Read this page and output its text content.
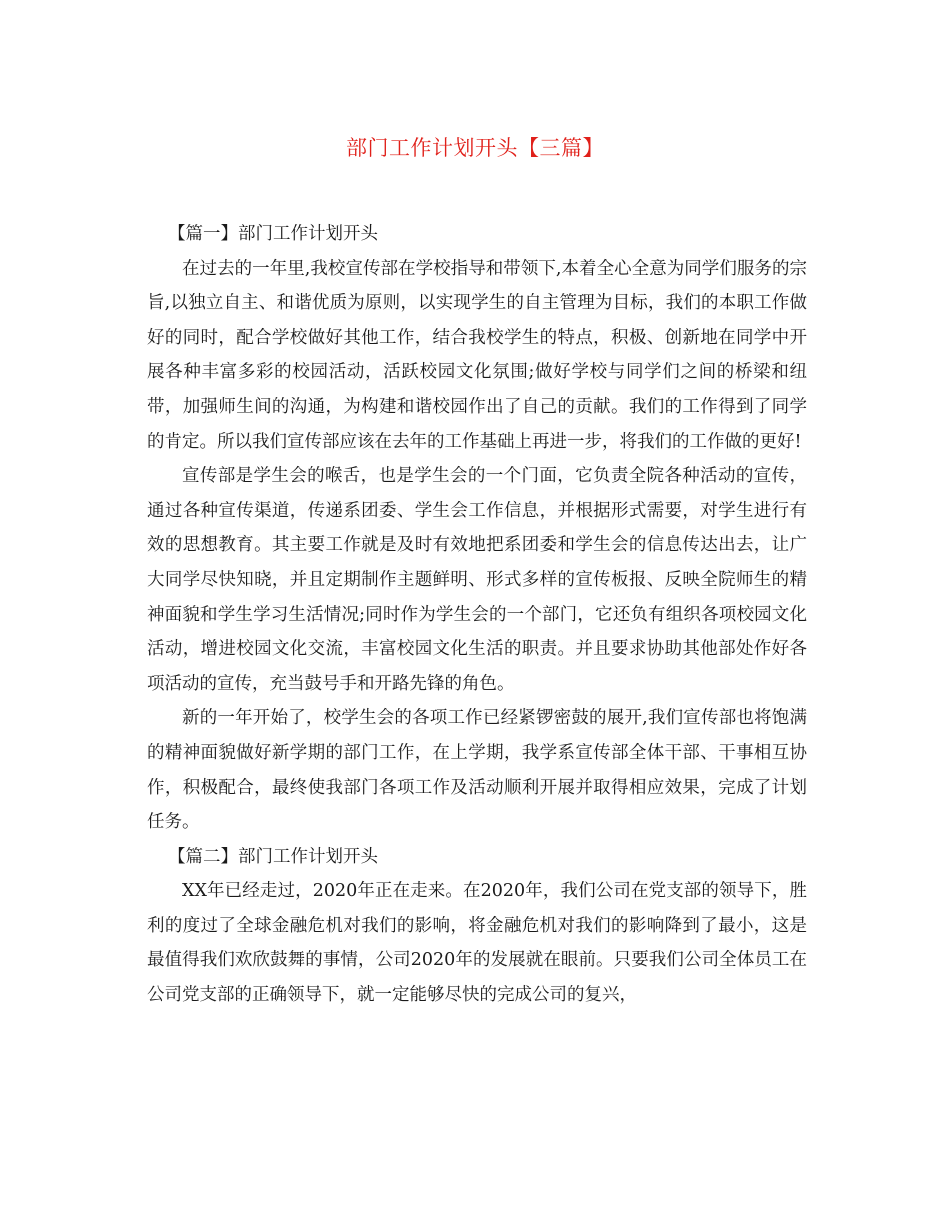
部门工作计划开头【三篇】

【篇一】部门工作计划开头

在过去的一年里,我校宣传部在学校指导和带领下,本着全心全意为同学们服务的宗旨,以独立自主、和谐优质为原则，以实现学生的自主管理为目标，我们的本职工作做好的同时，配合学校做好其他工作，结合我校学生的特点，积极、创新地在同学中开展各种丰富多彩的校园活动，活跃校园文化氛围;做好学校与同学们之间的桥梁和纽带，加强师生间的沟通，为构建和谐校园作出了自己的贡献。我们的工作得到了同学的肯定。所以我们宣传部应该在去年的工作基础上再进一步，将我们的工作做的更好!

宣传部是学生会的喉舌，也是学生会的一个门面，它负责全院各种活动的宣传，通过各种宣传渠道，传递系团委、学生会工作信息，并根据形式需要，对学生进行有效的思想教育。其主要工作就是及时有效地把系团委和学生会的信息传达出去，让广大同学尽快知晓，并且定期制作主题鲜明、形式多样的宣传板报、反映全院师生的精神面貌和学生学习生活情况;同时作为学生会的一个部门，它还负有组织各项校园文化活动，增进校园文化交流，丰富校园文化生活的职责。并且要求协助其他部处作好各项活动的宣传，充当鼓号手和开路先锋的角色。

新的一年开始了，校学生会的各项工作已经紧锣密鼓的展开,我们宣传部也将饱满的精神面貌做好新学期的部门工作，在上学期，我学系宣传部全体干部、干事相互协作，积极配合，最终使我部门各项工作及活动顺利开展并取得相应效果，完成了计划任务。

【篇二】部门工作计划开头

XX年已经走过，2020年正在走来。在2020年，我们公司在党支部的领导下，胜利的度过了全球金融危机对我们的影响，将金融危机对我们的影响降到了最小，这是最值得我们欢欣鼓舞的事情，公司2020年的发展就在眼前。只要我们公司全体员工在公司党支部的正确领导下，就一定能够尽快的完成公司的复兴，
